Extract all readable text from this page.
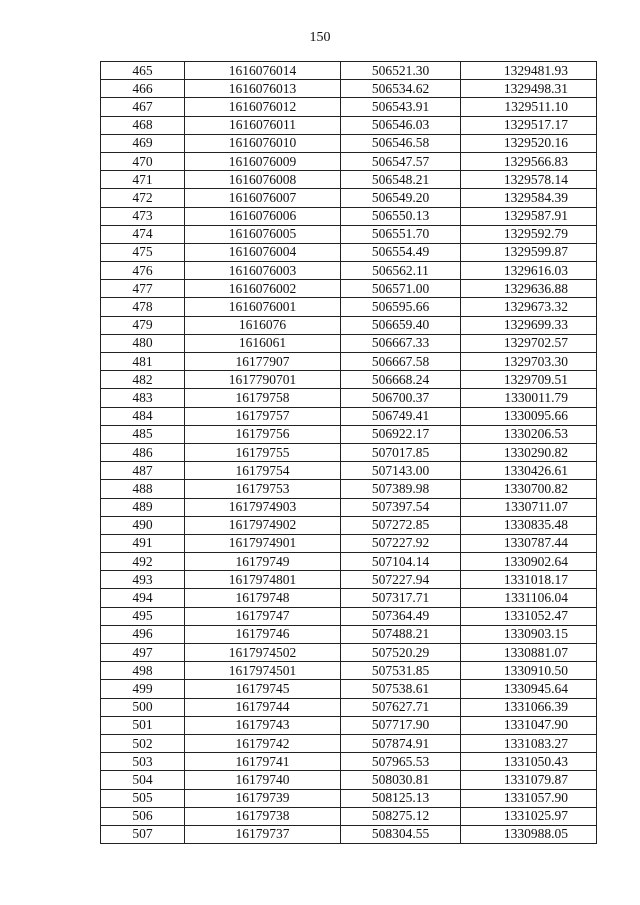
150
465	1616076014	506521.30	1329481.93
466	1616076013	506534.62	1329498.31
467	1616076012	506543.91	1329511.10
468	1616076011	506546.03	1329517.17
469	1616076010	506546.58	1329520.16
470	1616076009	506547.57	1329566.83
471	1616076008	506548.21	1329578.14
472	1616076007	506549.20	1329584.39
473	1616076006	506550.13	1329587.91
474	1616076005	506551.70	1329592.79
475	1616076004	506554.49	1329599.87
476	1616076003	506562.11	1329616.03
477	1616076002	506571.00	1329636.88
478	1616076001	506595.66	1329673.32
479	1616076	506659.40	1329699.33
480	1616061	506667.33	1329702.57
481	16177907	506667.58	1329703.30
482	1617790701	506668.24	1329709.51
483	16179758	506700.37	1330011.79
484	16179757	506749.41	1330095.66
485	16179756	506922.17	1330206.53
486	16179755	507017.85	1330290.82
487	16179754	507143.00	1330426.61
488	16179753	507389.98	1330700.82
489	1617974903	507397.54	1330711.07
490	1617974902	507272.85	1330835.48
491	1617974901	507227.92	1330787.44
492	16179749	507104.14	1330902.64
493	1617974801	507227.94	1331018.17
494	16179748	507317.71	1331106.04
495	16179747	507364.49	1331052.47
496	16179746	507488.21	1330903.15
497	1617974502	507520.29	1330881.07
498	1617974501	507531.85	1330910.50
499	16179745	507538.61	1330945.64
500	16179744	507627.71	1331066.39
501	16179743	507717.90	1331047.90
502	16179742	507874.91	1331083.27
503	16179741	507965.53	1331050.43
504	16179740	508030.81	1331079.87
505	16179739	508125.13	1331057.90
506	16179738	508275.12	1331025.97
507	16179737	508304.55	1330988.05
